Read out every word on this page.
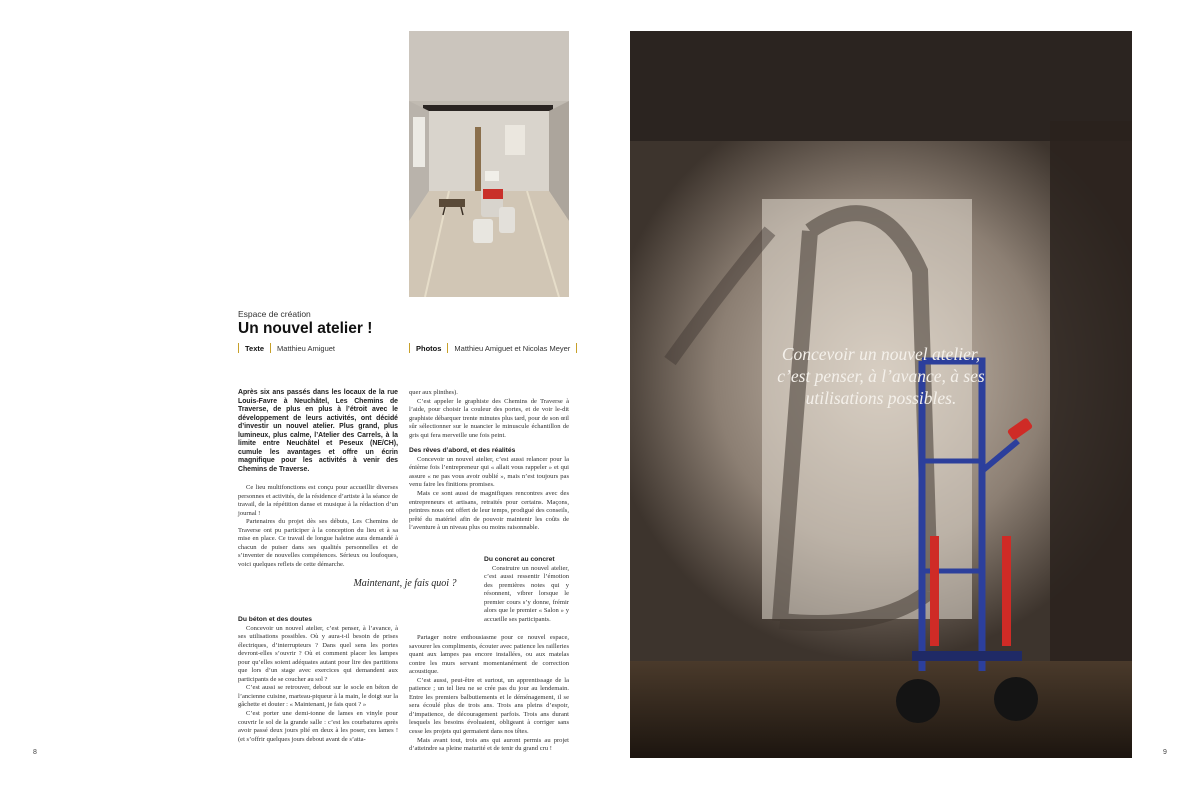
Espace de création
Un nouvel atelier !
Texte Matthieu Amiguet	Photos Matthieu Amiguet et Nicolas Meyer
Après six ans passés dans les locaux de la rue Louis-Favre à Neuchâtel, Les Chemins de Traverse, de plus en plus à l’étroit avec le développement de leurs activités, ont décidé d’investir un nouvel atelier. Plus grand, plus lumineux, plus calme, l’Atelier des Carrels, à la limite entre Neuchâtel et Peseux (NE/CH), cumule les avantages et offre un écrin magnifique pour les activités à venir des Chemins de Traverse.

Ce lieu multifonctions est conçu pour accueillir diverses personnes et activités, de la résidence d’artiste à la séance de travail, de la répétition danse et musique à la rédaction d’un journal !

Partenaires du projet dès ses débuts, Les Chemins de Traverse ont pu participer à la conception du lieu et à sa mise en place. Ce travail de longue haleine aura demandé à chacun de puiser dans ses qualités personnelles et de s’inventer de nouvelles compétences. Sérieux ou loufoques, voici quelques reflets de cette démarche.

Du béton et des doutes

Concevoir un nouvel atelier, c’est penser, à l’avance, à ses utilisations possibles. Où y aura-t-il besoin de prises électriques, d’interrupteurs ? Dans quel sens les portes devront-elles s’ouvrir ? Où et comment placer les lampes pour qu’elles soient adéquates autant pour lire des partitions que lors d’un stage avec exercices qui demandent aux participants de se coucher au sol ?

C’est aussi se retrouver, debout sur le socle en béton de l’ancienne cuisine, marteau-piqueur à la main, le doigt sur la gâchette et douter : « Maintenant, je fais quoi ? »

C’est porter une demi-tonne de lames en vinyle pour couvrir le sol de la grande salle : c’est les courbatures après avoir passé deux jours plié en deux à les poser, ces lames ! (et s’offrir quelques jours debout avant de s’atta-

Maintenant, je fais quoi ?

quer aux plinthes).

C’est appeler le graphiste des Chemins de Traverse à l’aide, pour choisir la couleur des portes, et de voir le-dit graphiste débarquer trente minutes plus tard, pour de son œil sûr sélectionner sur le nuancier le minuscule échantillon de gris qui fera merveille une fois peint.

Des rêves d’abord, et des réalités

Concevoir un nouvel atelier, c’est aussi relancer pour la énième fois l’entrepreneur qui « allait vous rappeler » et qui assure « ne pas vous avoir oublié », mais n’est toujours pas venu faire les finitions promises.

Mais ce sont aussi de magnifiques rencontres avec des entrepreneurs et artisans, retraités pour certains. Maçons, peintres nous ont offert de leur temps, prodigué des conseils, prêté du matériel afin de pouvoir maintenir les coûts de l’aventure à un niveau plus ou moins raisonnable.

Du concret au concret

Construire un nouvel atelier, c’est aussi ressentir l’émotion des premières notes qui y résonnent, vibrer lorsque le premier cours s’y donne, frémir alors que le premier « Salon » y accueille ses participants.

Partager notre enthousiasme pour ce nouvel espace, savourer les compliments, écouter avec patience les railleries quant aux lampes pas encore installées, ou aux matelas contre les murs servant momentanément de correction acoustique.

C’est aussi, peut-être et surtout, un apprentissage de la patience ; un tel lieu ne se crée pas du jour au lendemain. Entre les premiers balbutiements et le déménagement, il se sera écoulé plus de trois ans. Trois ans pleins d’espoir, d’impatience, de découragement parfois. Trois ans durant lesquels les besoins évoluaient, obligeant à corriger sans cesse les projets qui germaient dans nos têtes.

Mais avant tout, trois ans qui auront permis au projet d’atteindre sa pleine maturité et de tenir du grand cru !

Concevoir un nouvel atelier, c’est penser, à l’avance, à ses utilisations possibles.
8	9
